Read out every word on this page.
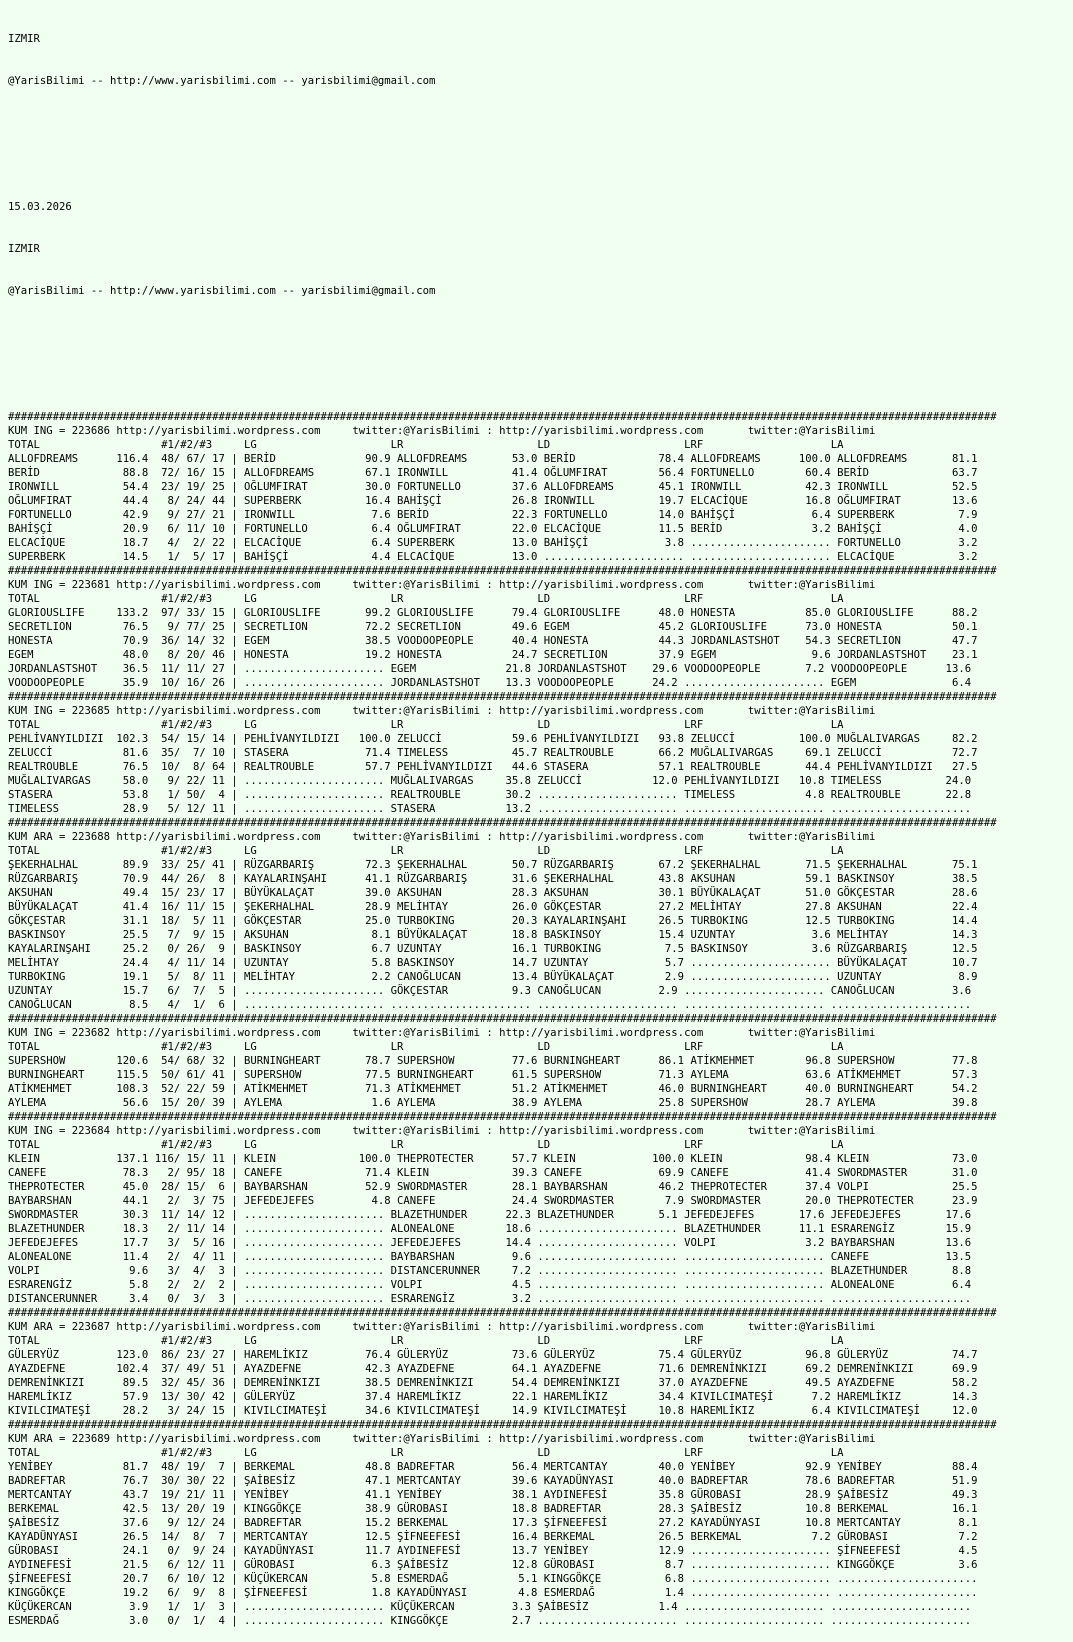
IZMIR

@YarisBilimi -- http://www.yarisbilimi.com -- yarisbilimi@gmail.com

15.03.2026

IZMIR

@YarisBilimi -- http://www.yarisbilimi.com -- yarisbilimi@gmail.com

###########################################################################################################################################################
KUM ING = 223686 http://yarisbilimi.wordpress.com     twitter:@YarisBilimi : http://yarisbilimi.wordpress.com       twitter:@YarisBilimi
TOTAL                   #1/#2/#3     LG                     LR                     LD                     LRF                    LA
ALLOFDREAMS      116.4  48/ 67/ 17 | BERİD              90.9 ALLOFDREAMS       53.0 BERİD             78.4 ALLOFDREAMS      100.0 ALLOFDREAMS       81.1
BERİD             88.8  72/ 16/ 15 | ALLOFDREAMS        67.1 IRONWILL          41.4 OĞLUMFIRAT        56.4 FORTUNELLO        60.4 BERİD             63.7
IRONWILL          54.4  23/ 19/ 25 | OĞLUMFIRAT         30.0 FORTUNELLO        37.6 ALLOFDREAMS       45.1 IRONWILL          42.3 IRONWILL          52.5
OĞLUMFIRAT        44.4   8/ 24/ 44 | SUPERBERK          16.4 BAHİŞÇİ           26.8 IRONWILL          19.7 ELCACİQUE         16.8 OĞLUMFIRAT        13.6
FORTUNELLO        42.9   9/ 27/ 21 | IRONWILL            7.6 BERİD             22.3 FORTUNELLO        14.0 BAHİŞÇİ            6.4 SUPERBERK          7.9
BAHİŞÇİ           20.9   6/ 11/ 10 | FORTUNELLO          6.4 OĞLUMFIRAT        22.0 ELCACİQUE         11.5 BERİD              3.2 BAHİŞÇİ            4.0
ELCACİQUE         18.7   4/  2/ 22 | ELCACİQUE           6.4 SUPERBERK         13.0 BAHİŞÇİ            3.8 ...................... FORTUNELLO         3.2
SUPERBERK         14.5   1/  5/ 17 | BAHİŞÇİ             4.4 ELCACİQUE         13.0 ...................... ...................... ELCACİQUE          3.2
###########################################################################################################################################################
KUM ING = 223681 http://yarisbilimi.wordpress.com     twitter:@YarisBilimi : http://yarisbilimi.wordpress.com       twitter:@YarisBilimi
TOTAL                   #1/#2/#3     LG                     LR                     LD                     LRF                    LA
GLORIOUSLIFE     133.2  97/ 33/ 15 | GLORIOUSLIFE       99.2 GLORIOUSLIFE      79.4 GLORIOUSLIFE      48.0 HONESTA           85.0 GLORIOUSLIFE      88.2
SECRETLION        76.5   9/ 77/ 25 | SECRETLION         72.2 SECRETLION        49.6 EGEM              45.2 GLORIOUSLIFE      73.0 HONESTA           50.1
HONESTA           70.9  36/ 14/ 32 | EGEM               38.5 VOODOOPEOPLE      40.4 HONESTA           44.3 JORDANLASTSHOT    54.3 SECRETLION        47.7
EGEM              48.0   8/ 20/ 46 | HONESTA            19.2 HONESTA           24.7 SECRETLION        37.9 EGEM               9.6 JORDANLASTSHOT    23.1
JORDANLASTSHOT    36.5  11/ 11/ 27 | ...................... EGEM              21.8 JORDANLASTSHOT    29.6 VOODOOPEOPLE       7.2 VOODOOPEOPLE      13.6
VOODOOPEOPLE      35.9  10/ 16/ 26 | ...................... JORDANLASTSHOT    13.3 VOODOOPEOPLE      24.2 ...................... EGEM               6.4
###########################################################################################################################################################
KUM ING = 223685 http://yarisbilimi.wordpress.com     twitter:@YarisBilimi : http://yarisbilimi.wordpress.com       twitter:@YarisBilimi
TOTAL                   #1/#2/#3     LG                     LR                     LD                     LRF                    LA
PEHLİVANYILDIZI  102.3  54/ 15/ 14 | PEHLİVANYILDIZI   100.0 ZELUCCİ           59.6 PEHLİVANYILDIZI   93.8 ZELUCCİ          100.0 MUĞLALIVARGAS     82.2
ZELUCCİ           81.6  35/  7/ 10 | STASERA            71.4 TIMELESS          45.7 REALTROUBLE       66.2 MUĞLALIVARGAS     69.1 ZELUCCİ           72.7
REALTROUBLE       76.5  10/  8/ 64 | REALTROUBLE        57.7 PEHLİVANYILDIZI   44.6 STASERA           57.1 REALTROUBLE       44.4 PEHLİVANYILDIZI   27.5
MUĞLALIVARGAS     58.0   9/ 22/ 11 | ...................... MUĞLALIVARGAS     35.8 ZELUCCİ           12.0 PEHLİVANYILDIZI   10.8 TIMELESS          24.0
STASERA           53.8   1/ 50/  4 | ...................... REALTROUBLE       30.2 ...................... TIMELESS           4.8 REALTROUBLE       22.8
TIMELESS          28.9   5/ 12/ 11 | ...................... STASERA           13.2 ...................... ...................... ......................
###########################################################################################################################################################
KUM ARA = 223688 http://yarisbilimi.wordpress.com     twitter:@YarisBilimi : http://yarisbilimi.wordpress.com       twitter:@YarisBilimi
TOTAL                   #1/#2/#3     LG                     LR                     LD                     LRF                    LA
ŞEKERHALHAL       89.9  33/ 25/ 41 | RÜZGARBARIŞ        72.3 ŞEKERHALHAL       50.7 RÜZGARBARIŞ       67.2 ŞEKERHALHAL       71.5 ŞEKERHALHAL       75.1
RÜZGARBARIŞ       70.9  44/ 26/  8 | KAYALARINŞAHI      41.1 RÜZGARBARIŞ       31.6 ŞEKERHALHAL       43.8 AKSUHAN           59.1 BASKINSOY         38.5
AKSUHAN           49.4  15/ 23/ 17 | BÜYÜKALAÇAT        39.0 AKSUHAN           28.3 AKSUHAN           30.1 BÜYÜKALAÇAT       51.0 GÖKÇESTAR         28.6
BÜYÜKALAÇAT       41.4  16/ 11/ 15 | ŞEKERHALHAL        28.9 MELİHTAY          26.0 GÖKÇESTAR         27.2 MELİHTAY          27.8 AKSUHAN           22.4
GÖKÇESTAR         31.1  18/  5/ 11 | GÖKÇESTAR          25.0 TURBOKING         20.3 KAYALARINŞAHI     26.5 TURBOKING         12.5 TURBOKING         14.4
BASKINSOY         25.5   7/  9/ 15 | AKSUHAN             8.1 BÜYÜKALAÇAT       18.8 BASKINSOY         15.4 UZUNTAY            3.6 MELİHTAY          14.3
KAYALARINŞAHI     25.2   0/ 26/  9 | BASKINSOY           6.7 UZUNTAY           16.1 TURBOKING          7.5 BASKINSOY          3.6 RÜZGARBARIŞ       12.5
MELİHTAY          24.4   4/ 11/ 14 | UZUNTAY             5.8 BASKINSOY         14.7 UZUNTAY            5.7 ...................... BÜYÜKALAÇAT       10.7
TURBOKING         19.1   5/  8/ 11 | MELİHTAY            2.2 CANOĞLUCAN        13.4 BÜYÜKALAÇAT        2.9 ...................... UZUNTAY            8.9
UZUNTAY           15.7   6/  7/  5 | ...................... GÖKÇESTAR          9.3 CANOĞLUCAN         2.9 ...................... CANOĞLUCAN         3.6
CANOĞLUCAN         8.5   4/  1/  6 | ...................... ...................... ...................... ...................... ......................
###########################################################################################################################################################
KUM ING = 223682 http://yarisbilimi.wordpress.com     twitter:@YarisBilimi : http://yarisbilimi.wordpress.com       twitter:@YarisBilimi
TOTAL                   #1/#2/#3     LG                     LR                     LD                     LRF                    LA
SUPERSHOW        120.6  54/ 68/ 32 | BURNINGHEART       78.7 SUPERSHOW         77.6 BURNINGHEART      86.1 ATİKMEHMET        96.8 SUPERSHOW         77.8
BURNINGHEART     115.5  50/ 61/ 41 | SUPERSHOW          77.5 BURNINGHEART      61.5 SUPERSHOW         71.3 AYLEMA            63.6 ATİKMEHMET        57.3
ATİKMEHMET       108.3  52/ 22/ 59 | ATİKMEHMET         71.3 ATİKMEHMET        51.2 ATİKMEHMET        46.0 BURNINGHEART      40.0 BURNINGHEART      54.2
AYLEMA            56.6  15/ 20/ 39 | AYLEMA              1.6 AYLEMA            38.9 AYLEMA            25.8 SUPERSHOW         28.7 AYLEMA            39.8
###########################################################################################################################################################
KUM ING = 223684 http://yarisbilimi.wordpress.com     twitter:@YarisBilimi : http://yarisbilimi.wordpress.com       twitter:@YarisBilimi
TOTAL                   #1/#2/#3     LG                     LR                     LD                     LRF                    LA
KLEIN            137.1 116/ 15/ 11 | KLEIN             100.0 THEPROTECTER      57.7 KLEIN            100.0 KLEIN             98.4 KLEIN             73.0
CANEFE            78.3   2/ 95/ 18 | CANEFE             71.4 KLEIN             39.3 CANEFE            69.9 CANEFE            41.4 SWORDMASTER       31.0
THEPROTECTER      45.0  28/ 15/  6 | BAYBARSHAN         52.9 SWORDMASTER       28.1 BAYBARSHAN        46.2 THEPROTECTER      37.4 VOLPI             25.5
BAYBARSHAN        44.1   2/  3/ 75 | JEFEDEJEFES         4.8 CANEFE            24.4 SWORDMASTER        7.9 SWORDMASTER       20.0 THEPROTECTER      23.9
SWORDMASTER       30.3  11/ 14/ 12 | ...................... BLAZETHUNDER      22.3 BLAZETHUNDER       5.1 JEFEDEJEFES       17.6 JEFEDEJEFES       17.6
BLAZETHUNDER      18.3   2/ 11/ 14 | ...................... ALONEALONE        18.6 ...................... BLAZETHUNDER      11.1 ESRARENGİZ        15.9
JEFEDEJEFES       17.7   3/  5/ 16 | ...................... JEFEDEJEFES       14.4 ...................... VOLPI              3.2 BAYBARSHAN        13.6
ALONEALONE        11.4   2/  4/ 11 | ...................... BAYBARSHAN         9.6 ...................... ...................... CANEFE            13.5
VOLPI              9.6   3/  4/  3 | ...................... DISTANCERUNNER     7.2 ...................... ...................... BLAZETHUNDER       8.8
ESRARENGİZ         5.8   2/  2/  2 | ...................... VOLPI              4.5 ...................... ...................... ALONEALONE         6.4
DISTANCERUNNER     3.4   0/  3/  3 | ...................... ESRARENGİZ         3.2 ...................... ...................... ......................
###########################################################################################################################################################
KUM ARA = 223687 http://yarisbilimi.wordpress.com     twitter:@YarisBilimi : http://yarisbilimi.wordpress.com       twitter:@YarisBilimi
TOTAL                   #1/#2/#3     LG                     LR                     LD                     LRF                    LA
GÜLERYÜZ         123.0  86/ 23/ 27 | HAREMLİKIZ         76.4 GÜLERYÜZ          73.6 GÜLERYÜZ          75.4 GÜLERYÜZ          96.8 GÜLERYÜZ          74.7
AYAZDEFNE        102.4  37/ 49/ 51 | AYAZDEFNE          42.3 AYAZDEFNE         64.1 AYAZDEFNE         71.6 DEMRENİNKIZI      69.2 DEMRENİNKIZI      69.9
DEMRENİNKIZI      89.5  32/ 45/ 36 | DEMRENİNKIZI       38.5 DEMRENİNKIZI      54.4 DEMRENİNKIZI      37.0 AYAZDEFNE         49.5 AYAZDEFNE         58.2
HAREMLİKIZ        57.9  13/ 30/ 42 | GÜLERYÜZ           37.4 HAREMLİKIZ        22.1 HAREMLİKIZ        34.4 KIVILCIMATEŞİ      7.2 HAREMLİKIZ        14.3
KIVILCIMATEŞİ     28.2   3/ 24/ 15 | KIVILCIMATEŞİ      34.6 KIVILCIMATEŞİ     14.9 KIVILCIMATEŞİ     10.8 HAREMLİKIZ         6.4 KIVILCIMATEŞİ     12.0
###########################################################################################################################################################
KUM ARA = 223689 http://yarisbilimi.wordpress.com     twitter:@YarisBilimi : http://yarisbilimi.wordpress.com       twitter:@YarisBilimi
TOTAL                   #1/#2/#3     LG                     LR                     LD                     LRF                    LA
YENİBEY           81.7  48/ 19/  7 | BERKEMAL           48.8 BADREFTAR         56.4 MERTCANTAY        40.0 YENİBEY           92.9 YENİBEY           88.4
BADREFTAR         76.7  30/ 30/ 22 | ŞAİBESİZ           47.1 MERTCANTAY        39.6 KAYADÜNYASI       40.0 BADREFTAR         78.6 BADREFTAR         51.9
MERTCANTAY        43.7  19/ 21/ 11 | YENİBEY            41.1 YENİBEY           38.1 AYDINEFESİ        35.8 GÜROBASI          28.9 ŞAİBESİZ          49.3
BERKEMAL          42.5  13/ 20/ 19 | KINGGÖKÇE          38.9 GÜROBASI          18.8 BADREFTAR         28.3 ŞAİBESİZ          10.8 BERKEMAL          16.1
ŞAİBESİZ          37.6   9/ 12/ 24 | BADREFTAR          15.2 BERKEMAL          17.3 ŞİFNEEFESİ        27.2 KAYADÜNYASI       10.8 MERTCANTAY         8.1
KAYADÜNYASI       26.5  14/  8/  7 | MERTCANTAY         12.5 ŞİFNEEFESİ        16.4 BERKEMAL          26.5 BERKEMAL           7.2 GÜROBASI           7.2
GÜROBASI          24.1   0/  9/ 24 | KAYADÜNYASI        11.7 AYDINEFESİ        13.7 YENİBEY           12.9 ...................... ŞİFNEEFESİ         4.5
AYDINEFESİ        21.5   6/ 12/ 11 | GÜROBASI            6.3 ŞAİBESİZ          12.8 GÜROBASI           8.7 ...................... KINGGÖKÇE          3.6
ŞİFNEEFESİ        20.7   6/ 10/ 12 | KÜÇÜKERCAN          5.8 ESMERDAĞ           5.1 KINGGÖKÇE          6.8 ...................... ......................
KINGGÖKÇE         19.2   6/  9/  8 | ŞİFNEEFESİ          1.8 KAYADÜNYASI        4.8 ESMERDAĞ           1.4 ...................... ......................
KÜÇÜKERCAN         3.9   1/  1/  3 | ...................... KÜÇÜKERCAN         3.3 ŞAİBESİZ           1.4 ...................... ......................
ESMERDAĞ           3.0   0/  1/  4 | ...................... KINGGÖKÇE          2.7 ...................... ...................... ......................
